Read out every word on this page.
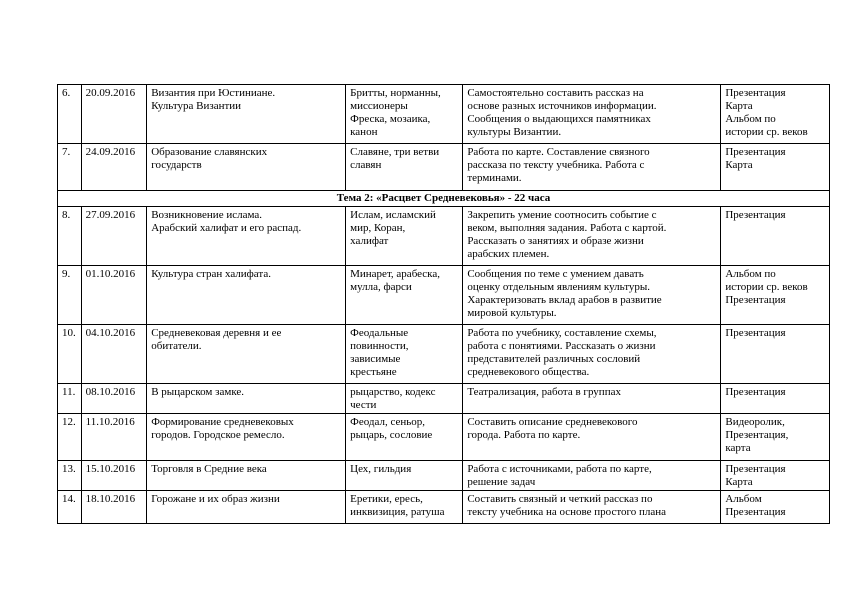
6.	20.09.2016	Византия при Юстиниане.
Культура Византии	Бритты, норманны,
миссионеры
Фреска, мозаика,
канон	Самостоятельно составить рассказ на
основе разных источников информации.
Сообщения о выдающихся памятниках
культуры Византии.	Презентация
Карта
Альбом по
истории ср. веков

7.	24.09.2016	Образование славянских
государств	Славяне, три ветви
славян	Работа по карте. Составление связного
рассказа по тексту учебника. Работа с
терминами.	Презентация
Карта

Тема 2: «Расцвет Средневековья» - 22 часа					
8.	27.09.2016	Возникновение ислама.
Арабский халифат и его распад.	Ислам, исламский
мир, Коран,
халифат	Закрепить умение соотносить событие с
веком, выполняя задания. Работа с картой.
Рассказать о занятиях и образе жизни
арабских племен.	Презентация

9.	01.10.2016	Культура стран халифата.	Минарет, арабеска,
мулла, фарси	Сообщения по теме с умением давать
оценку отдельным явлениям культуры.
Характеризовать вклад арабов в развитие
мировой культуры.	Альбом по
истории ср. веков
Презентация

10.	04.10.2016	Средневековая деревня и ее
обитатели.	Феодальные
повинности,
зависимые
крестьяне	Работа по учебнику, составление схемы,
работа с понятиями. Рассказать о жизни
представителей различных сословий
средневекового общества.	Презентация

11.	08.10.2016	В рыцарском замке.	рыцарство, кодекс
чести	Театрализация, работа в группах	Презентация

12.	11.10.2016	Формирование средневековых
городов. Городское ремесло.	Феодал, сеньор,
рыцарь, сословие	Составить описание средневекового
города. Работа по карте.	Видеоролик,
Презентация,
карта

13.	15.10.2016	Торговля в Средние века	Цех, гильдия	Работа с источниками, работа по карте,
решение задач	Презентация
Карта

14.	18.10.2016	Горожане и их образ жизни	Еретики, ересь,
инквизиция, ратуша	Составить связный и четкий рассказ по
тексту учебника на основе простого плана	Альбом
Презентация
